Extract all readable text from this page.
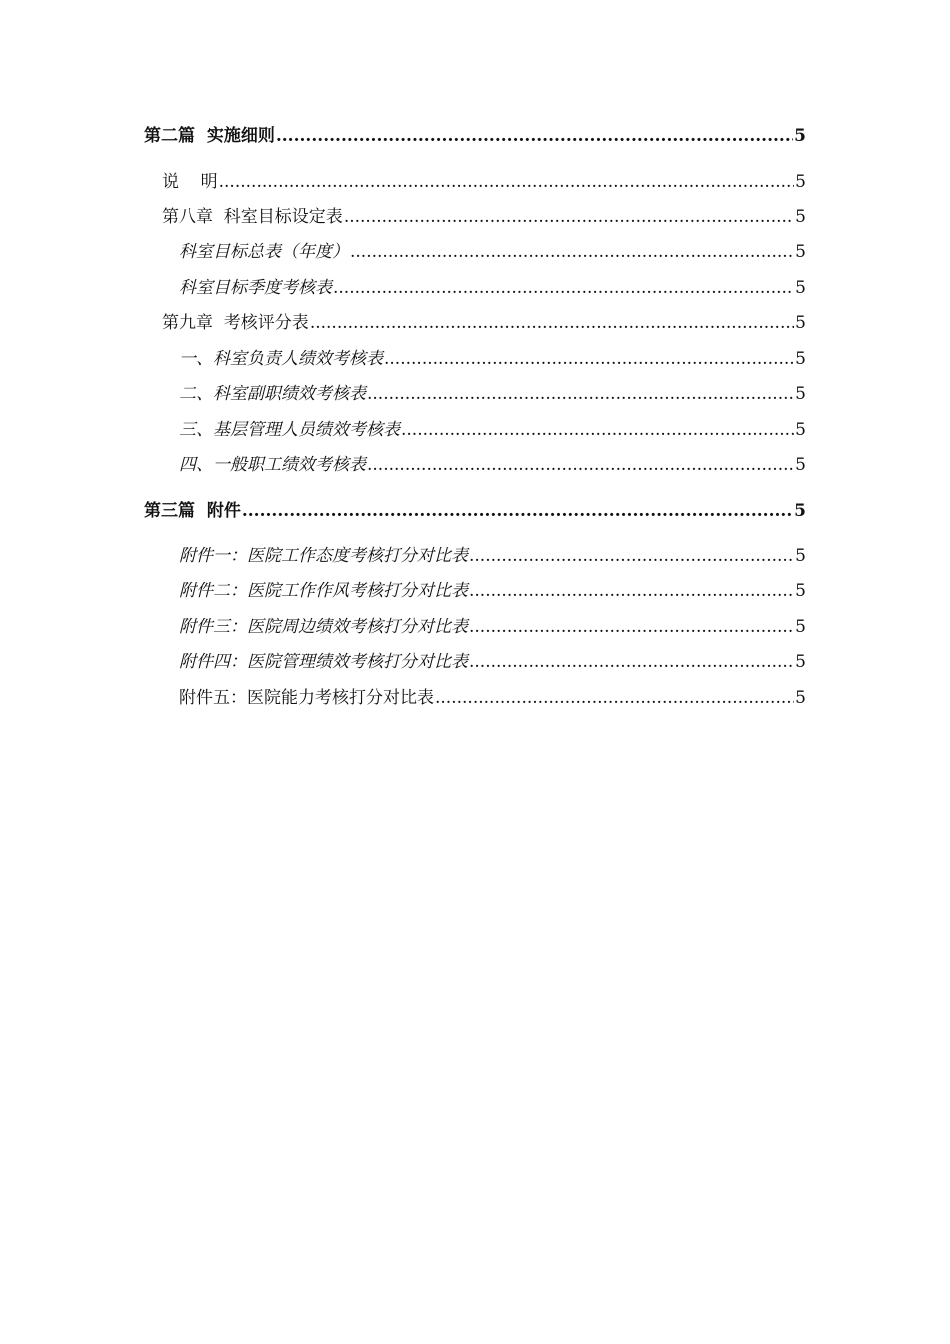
第二篇  实施细则 .....	5
说    明 .....	5
第八章  科室目标设定表 .....	5
科室目标总表（年度） .....	5
科室目标季度考核表 .....	5
第九章  考核评分表 .....	5
一、科室负责人绩效考核表 .....	5
二、科室副职绩效考核表 .....	5
三、基层管理人员绩效考核表 .....	5
四、一般职工绩效考核表 .....	5
第三篇  附件 .....	5
附件一：医院工作态度考核打分对比表 .....	5
附件二：医院工作作风考核打分对比表 .....	5
附件三：医院周边绩效考核打分对比表 .....	5
附件四：医院管理绩效考核打分对比表 .....	5
附件五：医院能力考核打分对比表 .....	5
